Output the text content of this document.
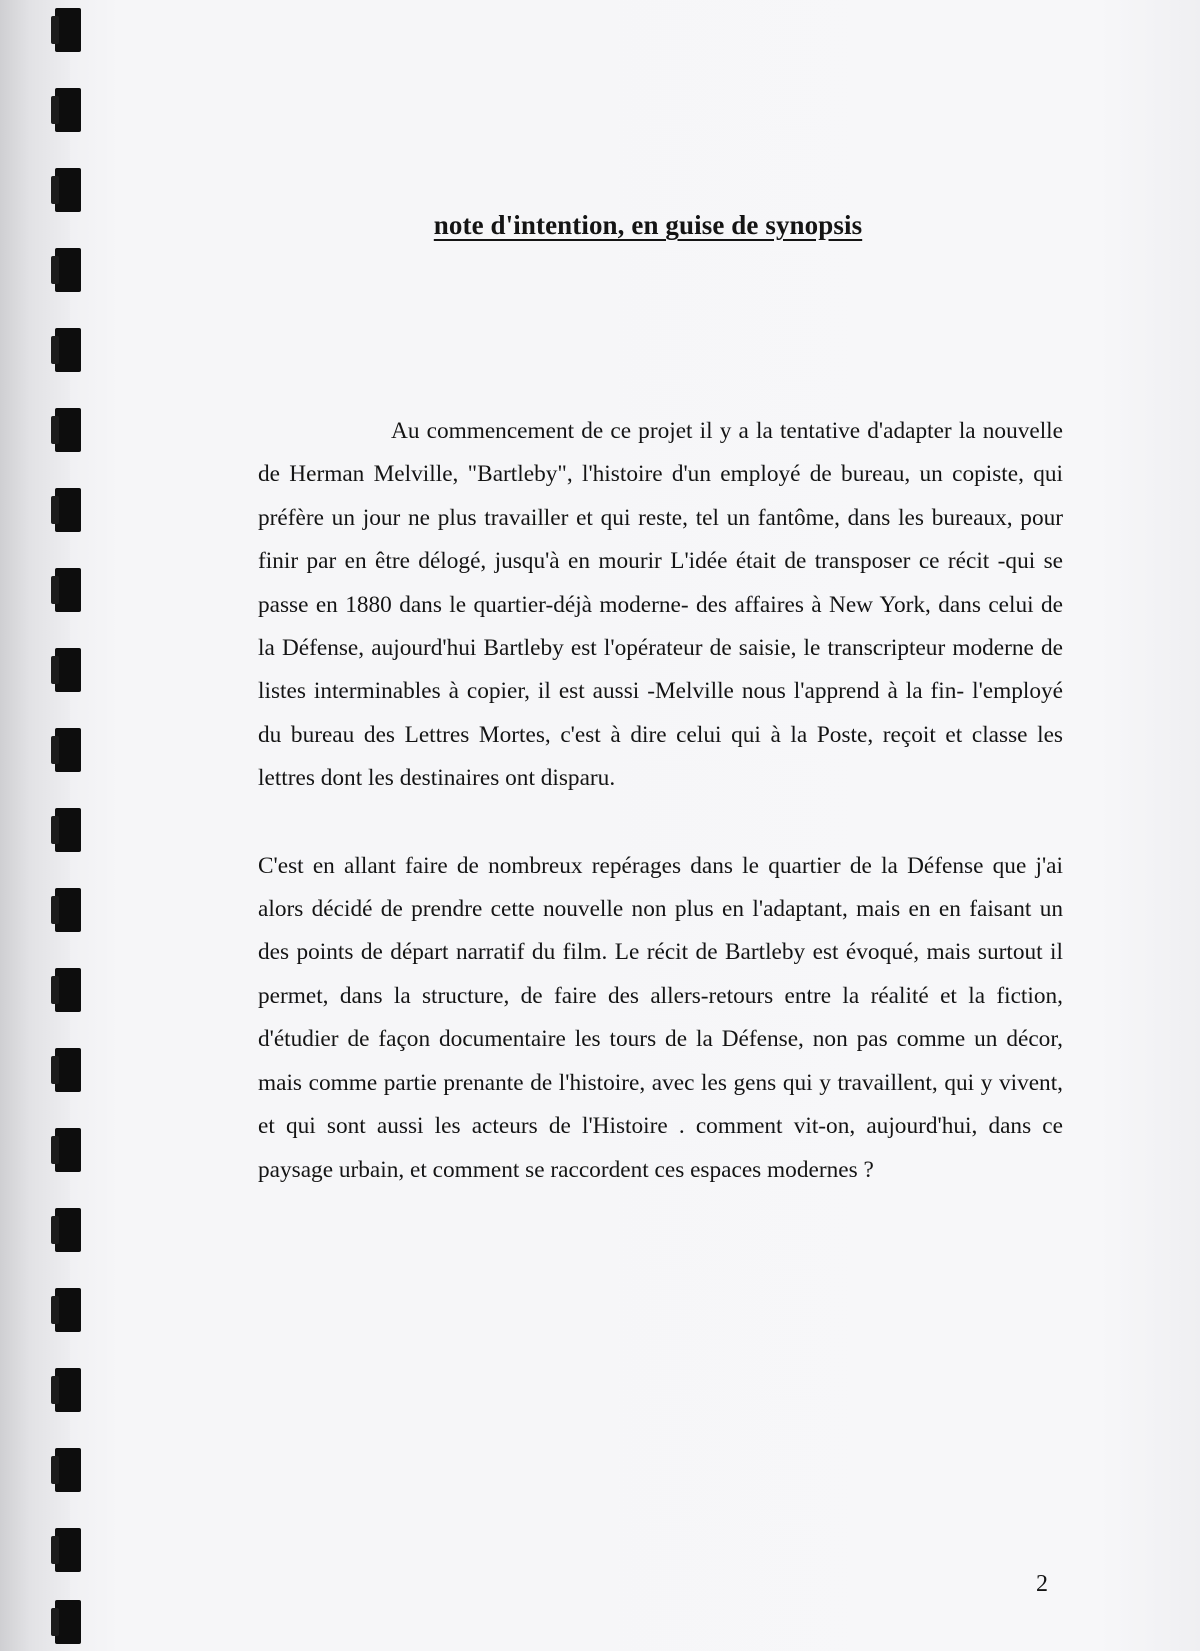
note d'intention, en guise de synopsis

Au commencement de ce projet il y a la tentative d'adapter la nouvelle de Herman Melville, "Bartleby", l'histoire d'un employé de bureau, un copiste, qui préfère un jour ne plus travailler et qui reste, tel un fantôme, dans les bureaux, pour finir par en être délogé, jusqu'à en mourir L'idée était de transposer ce récit -qui se passe en 1880 dans le quartier-déjà moderne- des affaires à New York, dans celui de la Défense, aujourd'hui Bartleby est l'opérateur de saisie, le transcripteur moderne de listes interminables à copier, il est aussi -Melville nous l'apprend à la fin- l'employé du bureau des Lettres Mortes, c'est à dire celui qui à la Poste, reçoit et classe les lettres dont les destinaires ont disparu.

C'est en allant faire de nombreux repérages dans le quartier de la Défense que j'ai alors décidé de prendre cette nouvelle non plus en l'adaptant, mais en en faisant un des points de départ narratif du film. Le récit de Bartleby est évoqué, mais surtout il permet, dans la structure, de faire des allers-retours entre la réalité et la fiction, d'étudier de façon documentaire les tours de la Défense, non pas comme un décor, mais comme partie prenante de l'histoire, avec les gens qui y travaillent, qui y vivent, et qui sont aussi les acteurs de l'Histoire . comment vit-on, aujourd'hui, dans ce paysage urbain, et comment se raccordent ces espaces modernes ?

2
